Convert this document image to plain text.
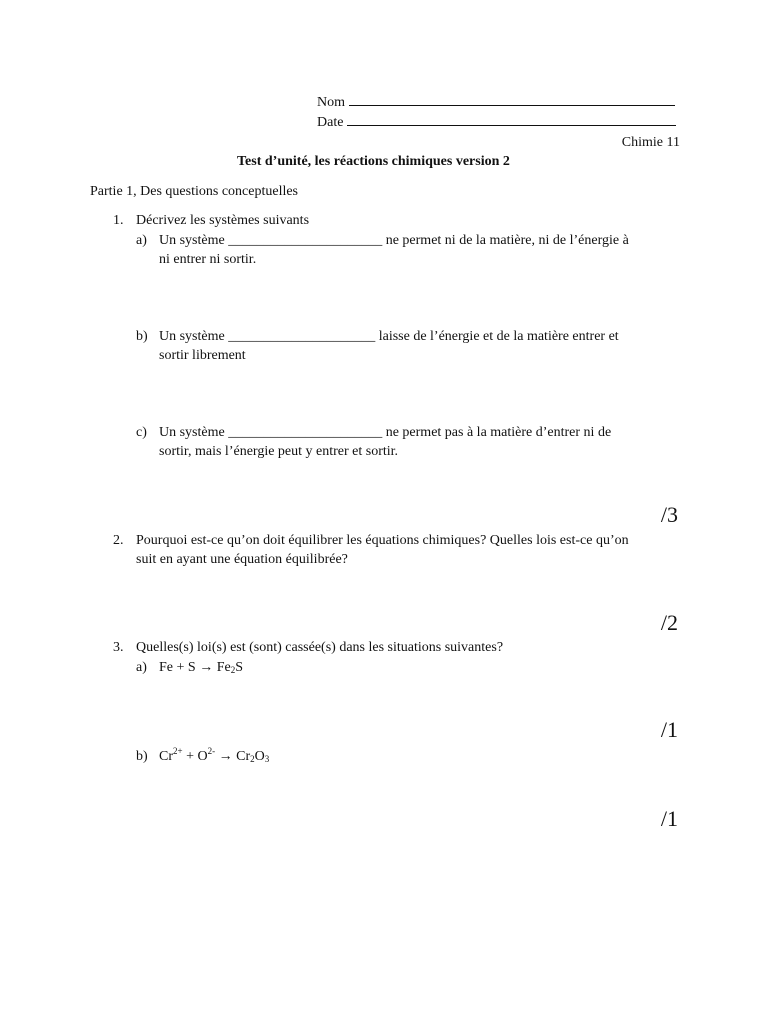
Nom
Date
Chimie 11
Test d’unité, les réactions chimiques version 2
Partie 1, Des questions conceptuelles
1. Décrivez les systèmes suivants
a) Un système ______________________ ne permet ni de la matière, ni de l’énergie à
ni entrer ni sortir.
b) Un système _____________________ laisse de l’énergie et de la matière entrer et
sortir librement
c) Un système ______________________ ne permet pas à la matière d’entrer ni de
sortir, mais l’énergie peut y entrer et sortir.
/3
2. Pourquoi est-ce qu’on doit équilibrer les équations chimiques? Quelles lois est-ce qu’on
suit en ayant une équation équilibrée?
/2
3. Quelles(s) loi(s) est (sont) cassée(s) dans les situations suivantes?
a) $Fe + S \to Fe_2S$
/1
b) $Cr^{2+} + O^{2-} \to Cr_2O_3$
/1
